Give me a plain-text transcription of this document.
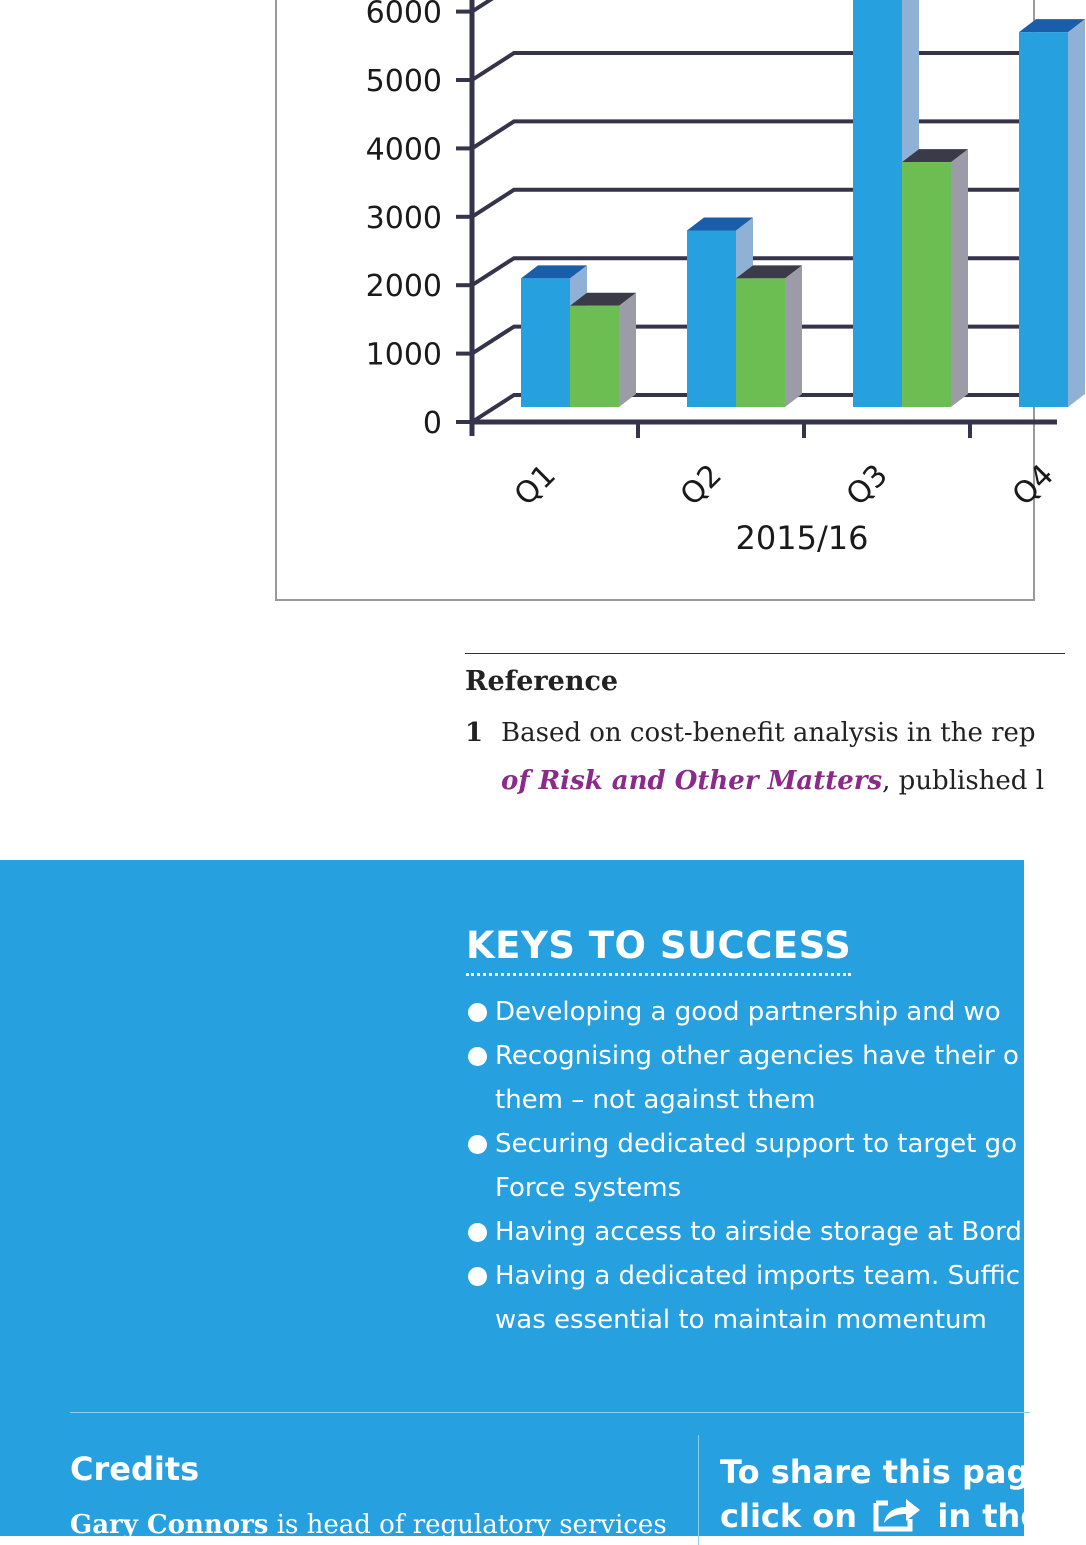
0
1000
2000
3000
4000
5000
6000
Q1	Q2	Q3	Q4
2015/16
Reference
1 Based on cost-benefit analysis in the rep
of Risk and Other Matters, published l
KEYS TO SUCCESS
Developing a good partnership and wo
Recognising other agencies have their o
them – not against them
Securing dedicated support to target go
Force systems
Having access to airside storage at Bord
Having a dedicated imports team. Suffic
was essential to maintain momentum
Credits
Gary Connors is head of regulatory services
To share this page
click on	in the
